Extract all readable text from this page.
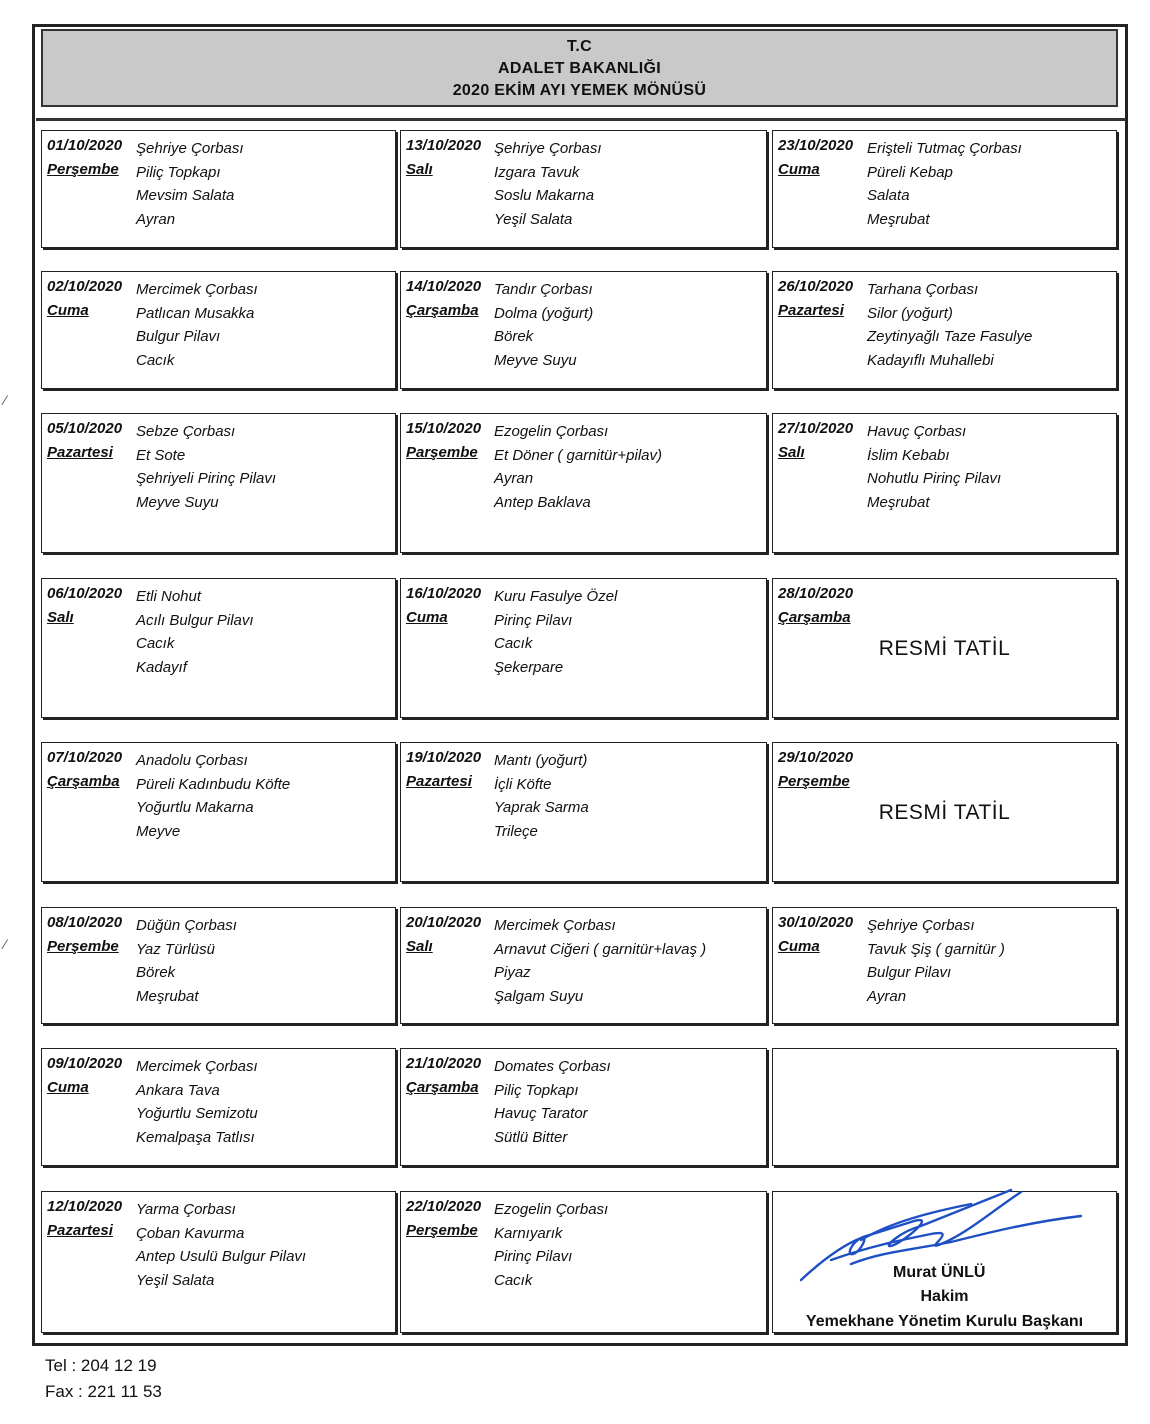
T.C
ADALET BAKANLIĞI
2020 EKİM AYI YEMEK MÖNÜSÜ
⁄
⁄
01/10/2020
Perşembe
Şehriye Çorbası
Piliç Topkapı
Mevsim Salata
Ayran
02/10/2020
Cuma
Mercimek Çorbası
Patlıcan Musakka
Bulgur Pilavı
Cacık
05/10/2020
Pazartesi
Sebze Çorbası
Et Sote
Şehriyeli Pirinç Pilavı
Meyve Suyu
06/10/2020
Salı
Etli Nohut
Acılı Bulgur Pilavı
Cacık
Kadayıf
07/10/2020
Çarşamba
Anadolu Çorbası
Püreli Kadınbudu Köfte
Yoğurtlu Makarna
Meyve
08/10/2020
Perşembe
Düğün Çorbası
Yaz Türlüsü
Börek
Meşrubat
09/10/2020
Cuma
Mercimek Çorbası
Ankara Tava
Yoğurtlu Semizotu
Kemalpaşa Tatlısı
12/10/2020
Pazartesi
Yarma Çorbası
Çoban Kavurma
Antep Usulü Bulgur Pilavı
Yeşil Salata
13/10/2020
Salı
Şehriye Çorbası
Izgara Tavuk
Soslu Makarna
Yeşil Salata
14/10/2020
Çarşamba
Tandır Çorbası
Dolma (yoğurt)
Börek
Meyve Suyu
15/10/2020
Parşembe
Ezogelin Çorbası
Et Döner ( garnitür+pilav)
Ayran
Antep Baklava
16/10/2020
Cuma
Kuru Fasulye Özel
Pirinç Pilavı
Cacık
Şekerpare
19/10/2020
Pazartesi
Mantı (yoğurt)
İçli Köfte
Yaprak Sarma
Trileçe
20/10/2020
Salı
Mercimek Çorbası
Arnavut Ciğeri ( garnitür+lavaş )
Piyaz
Şalgam Suyu
21/10/2020
Çarşamba
Domates Çorbası
Piliç Topkapı
Havuç Tarator
Sütlü Bitter
22/10/2020
Perşembe
Ezogelin Çorbası
Karnıyarık
Pirinç Pilavı
Cacık
23/10/2020
Cuma
Erişteli Tutmaç Çorbası
Püreli Kebap
Salata
Meşrubat
26/10/2020
Pazartesi
Tarhana Çorbası
Silor (yoğurt)
Zeytinyağlı Taze Fasulye
Kadayıflı Muhallebi
27/10/2020
Salı
Havuç Çorbası
İslim Kebabı
Nohutlu Pirinç Pilavı
Meşrubat
28/10/2020
Çarşamba
RESMİ TATİL
29/10/2020
Perşembe
RESMİ TATİL
30/10/2020
Cuma
Şehriye Çorbası
Tavuk Şiş ( garnitür )
Bulgur Pilavı
Ayran
Murat ÜNLÜ
Hakim
Yemekhane Yönetim Kurulu Başkanı
Tel : 204 12 19
Fax : 221 11 53
